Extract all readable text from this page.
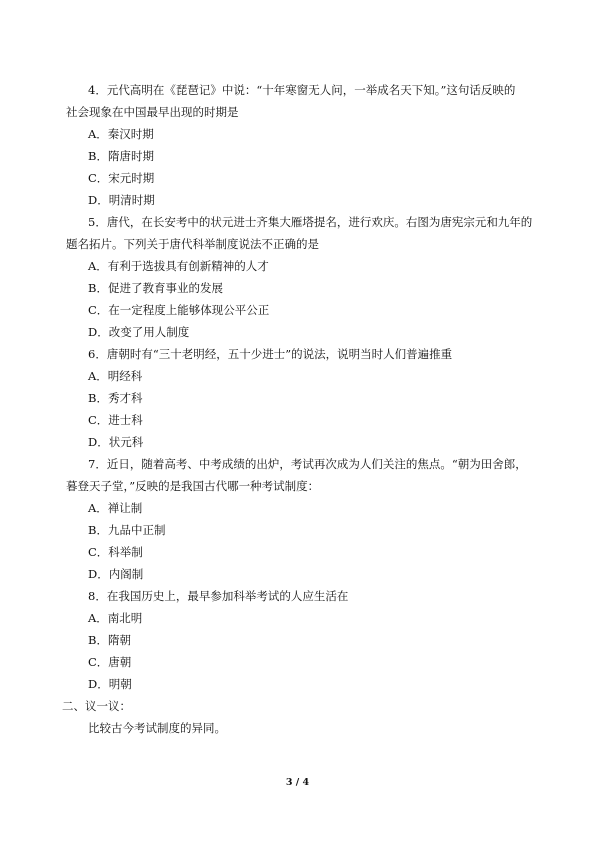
4．元代高明在《琵琶记》中说：“十年寒窗无人问，一举成名天下知。”这句话反映的
社会现象在中国最早出现的时期是
A．秦汉时期
B．隋唐时期
C．宋元时期
D．明清时期
5．唐代，在长安考中的状元进士齐集大雁塔提名，进行欢庆。右图为唐宪宗元和九年的
题名拓片。下列关于唐代科举制度说法不正确的是
A．有利于选拔具有创新精神的人才
B．促进了教育事业的发展
C．在一定程度上能够体现公平公正
D．改变了用人制度
6．唐朝时有“三十老明经，五十少进士”的说法，说明当时人们普遍推重
A．明经科
B．秀才科
C．进士科
D．状元科
7．近日，随着高考、中考成绩的出炉，考试再次成为人们关注的焦点。“朝为田舍郎，
暮登天子堂，”反映的是我国古代哪一种考试制度：
A．禅让制
B．九品中正制
C．科举制
D．内阁制
8．在我国历史上，最早参加科举考试的人应生活在
A．南北明
B．隋朝
C．唐朝
D．明朝
二、议一议：
比较古今考试制度的异同。
3 / 4
